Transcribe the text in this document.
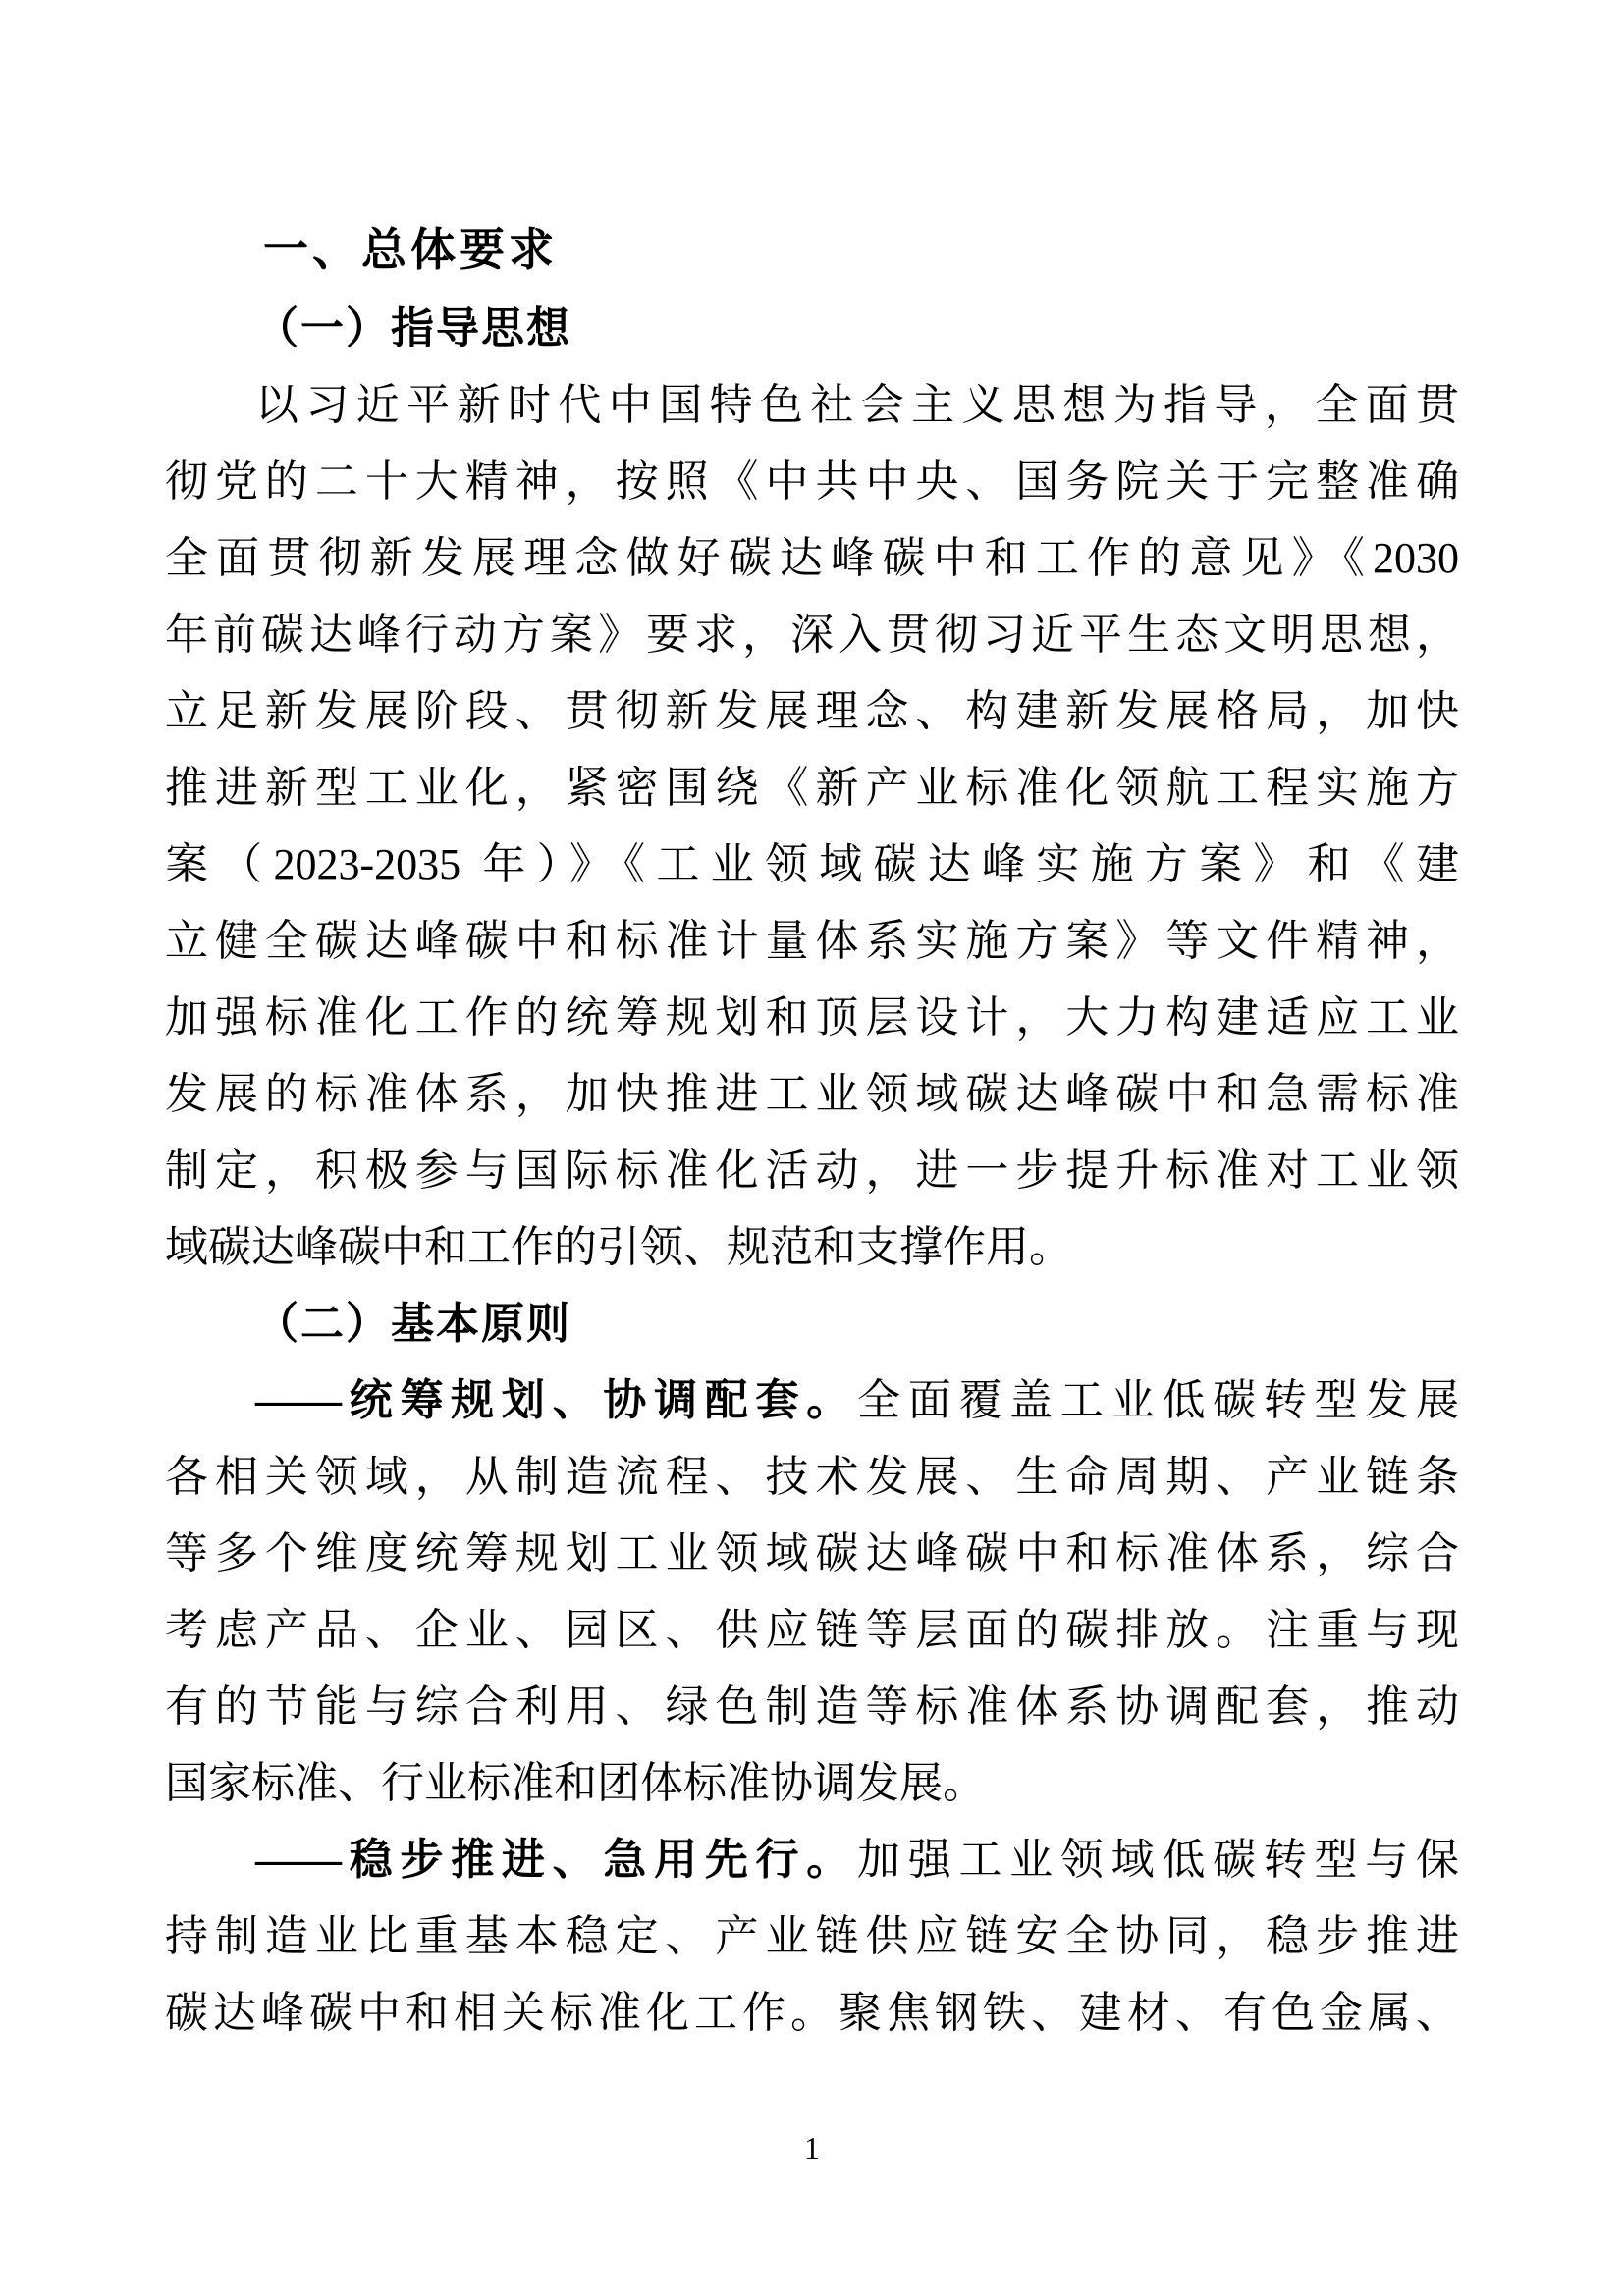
一、总体要求
（一）指导思想
以习近平新时代中国特色社会主义思想为指导，全面贯
彻党的二十大精神，按照《中共中央、国务院关于完整准确
全面贯彻新发展理念做好碳达峰碳中和工作的意见》《2030
年前碳达峰行动方案》要求，深入贯彻习近平生态文明思想，
立足新发展阶段、贯彻新发展理念、构建新发展格局，加快
推进新型工业化，紧密围绕《新产业标准化领航工程实施方
案（2023-2035 年）》《工业领域碳达峰实施方案》和《建
立健全碳达峰碳中和标准计量体系实施方案》等文件精神，
加强标准化工作的统筹规划和顶层设计，大力构建适应工业
发展的标准体系，加快推进工业领域碳达峰碳中和急需标准
制定，积极参与国际标准化活动，进一步提升标准对工业领
域碳达峰碳中和工作的引领、规范和支撑作用。
（二）基本原则
——统筹规划、协调配套。全面覆盖工业低碳转型发展
各相关领域，从制造流程、技术发展、生命周期、产业链条
等多个维度统筹规划工业领域碳达峰碳中和标准体系，综合
考虑产品、企业、园区、供应链等层面的碳排放。注重与现
有的节能与综合利用、绿色制造等标准体系协调配套，推动
国家标准、行业标准和团体标准协调发展。
——稳步推进、急用先行。加强工业领域低碳转型与保
持制造业比重基本稳定、产业链供应链安全协同，稳步推进
碳达峰碳中和相关标准化工作。聚焦钢铁、建材、有色金属、
1
